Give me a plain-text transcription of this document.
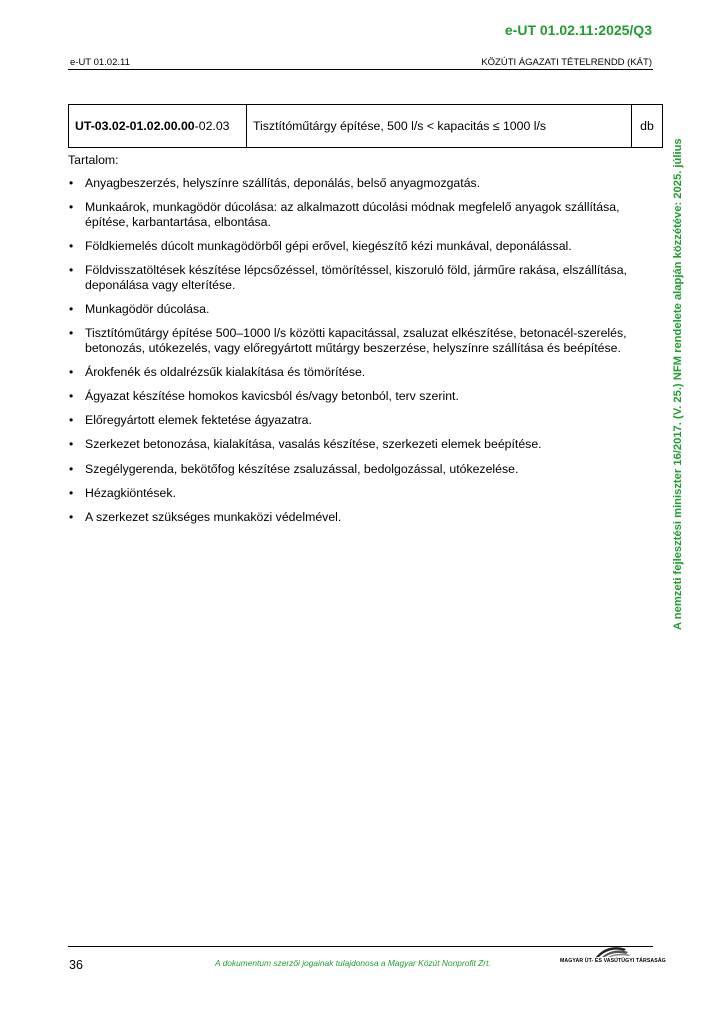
e-UT 01.02.11:2025/Q3
e-UT 01.02.11	KÖZÚTI ÁGAZATI TÉTELRENDD (KÁT)
A nemzeti fejlesztési miniszter 16/2017. (V. 25.) NFM rendelete alapján közzétéve: 2025. július
UT-03.02-01.02.00.00-02.03	Tisztítóműtárgy építése, 500 l/s < kapacitás ≤ 1000 l/s	db
Tartalom:
• Anyagbeszerzés, helyszínre szállítás, deponálás, belső anyagmozgatás.
• Munkaárok, munkagödör dúcolása: az alkalmazott dúcolási módnak megfelelő anyagok szállítása, építése, karbantartása, elbontása.
• Földkiemelés dúcolt munkagödörből gépi erővel, kiegészítő kézi munkával, deponálással.
• Földvisszatöltések készítése lépcsőzéssel, tömörítéssel, kiszoruló föld, járműre rakása, elszállítása, deponálása vagy elterítése.
• Munkagödör dúcolása.
• Tisztítóműtárgy építése 500–1000 l/s közötti kapacitással, zsaluzat elkészítése, betonacél-szerelés, betonozás, utókezelés, vagy előregyártott műtárgy beszerzése, helyszínre szállítása és beépítése.
• Árokfenék és oldalrézsűk kialakítása és tömörítése.
• Ágyazat készítése homokos kavicsból és/vagy betonból, terv szerint.
• Előregyártott elemek fektetése ágyazatra.
• Szerkezet betonozása, kialakítása, vasalás készítése, szerkezeti elemek beépítése.
• Szegélygerenda, bekötőfog készítése zsaluzással, bedolgozással, utókezelése.
• Hézagkiöntések.
• A szerkezet szükséges munkaközi védelmével.
36	A dokumentum szerzői jogainak tulajdonosa a Magyar Közút Nonprofit Zrt.	MAGYAR ÚT- ÉS VASÚTÜGYI TÁRSASÁG
